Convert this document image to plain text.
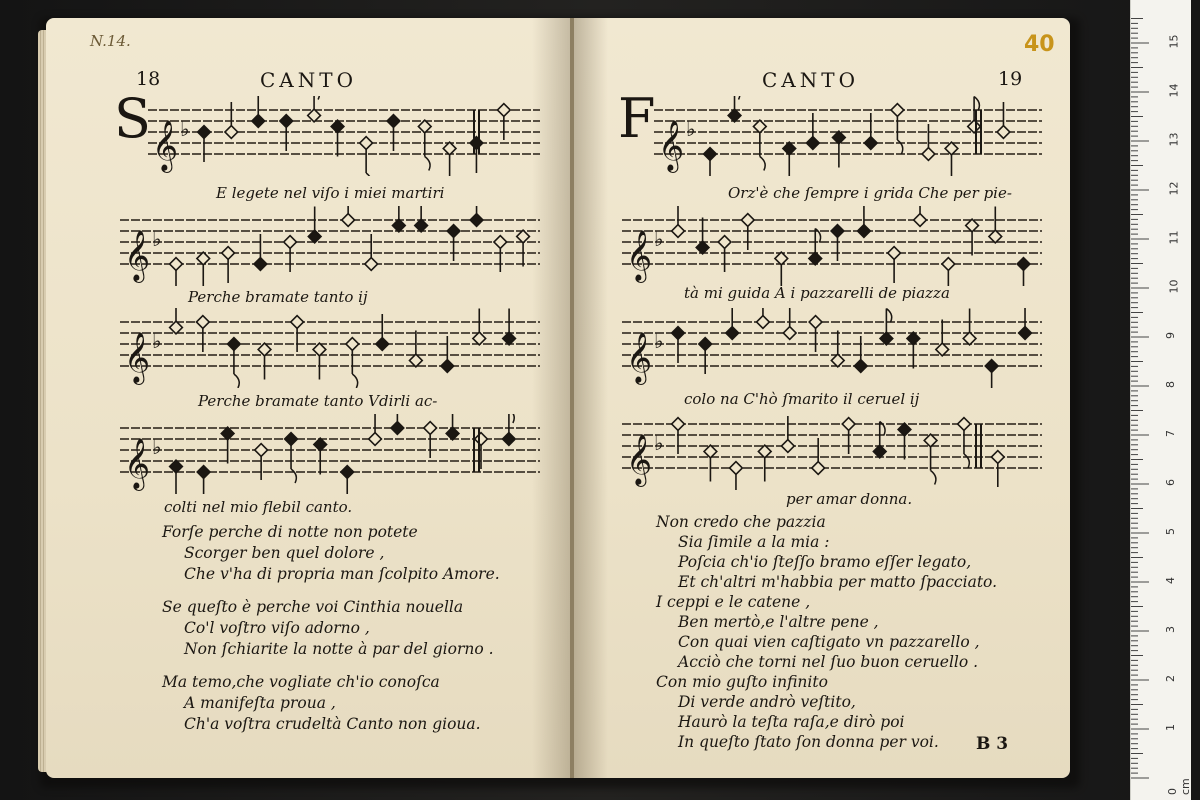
N.14.

18	CANTO

S 𝄞 ♭

E legete nel viſo i miei martiri

𝄞 ♭

Perche bramate tanto ij

𝄞 ♭

Perche bramate tanto Vdirli ac-

𝄞 ♭

colti nel mio flebil canto.

Forſe perche di notte non potete
Scorger ben quel dolore ,
Che v'ha di propria man ſcolpito Amore.
Se queſto è perche voi Cinthia nouella
Co'l voſtro viſo adorno ,
Non ſchiarite la notte à par del giorno .
Ma temo,che vogliate ch'io conoſca
A manifeſta proua ,
Ch'a voſtra crudeltà Canto non gioua.

40

CANTO	19

F 𝄞 ♭

Orz'è che ſempre i grida Che per pie-

𝄞 ♭

tà mi guida A i pazzarelli de piazza

𝄞 ♭

colo na C'hò ſmarito il ceruel ij

𝄞 ♭

per amar donna.

Non credo che pazzia
Sia ſimile a la mia :
Poſcia ch'io ſteſſo bramo eſſer legato,
Et ch'altri m'habbia per matto ſpacciato.
I ceppi e le catene ,
Ben mertò,e l'altre pene ,
Con quai vien caſtigato vn pazzarello ,
Acciò che torni nel ſuo buon ceruello .
Con mio guſto infinito
Di verde andrò veſtito,
Haurò la teſta raſa,e dirò poi
In queſto ſtato ſon donna per voi.	B 3

15
14
13
12
11
10
9
8
7
6
5
4
3
2
1
0 cm
